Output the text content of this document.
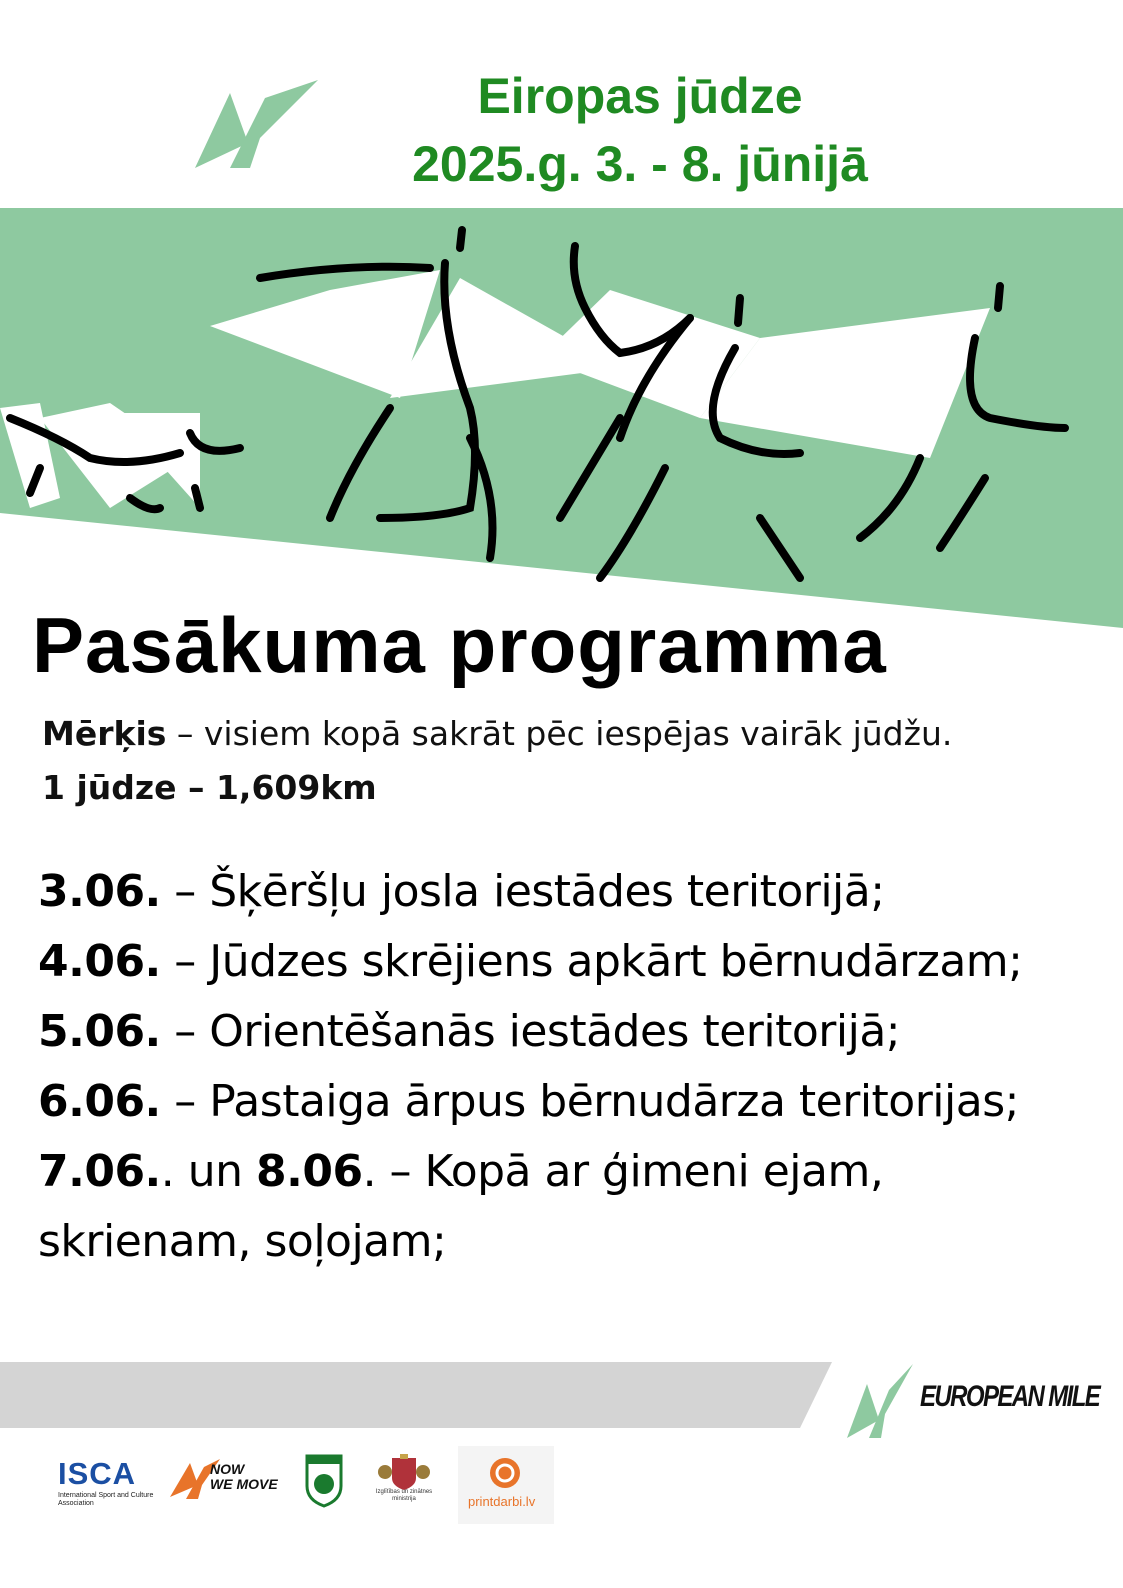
Eiropas jūdze
2025.g. 3. - 8. jūnijā
Pasākuma programma
Mērķis – visiem kopā sakrāt pēc iespējas vairāk jūdžu.
1 jūdze – 1,609km
3.06. – Šķēršļu josla iestādes teritorijā;
4.06. – Jūdzes skrējiens apkārt bērnudārzam;
5.06. – Orientēšanās iestādes teritorijā;
6.06. – Pastaiga ārpus bērnudārza teritorijas;
7.06.. un 8.06. – Kopā ar ģimeni ejam,
skrienam, soļojam;
EUROPEAN MILE
ISCA
International Sport and Culture Association
NOW
WE MOVE	Izglītības un zinātnes ministrija	printdarbi.lv
